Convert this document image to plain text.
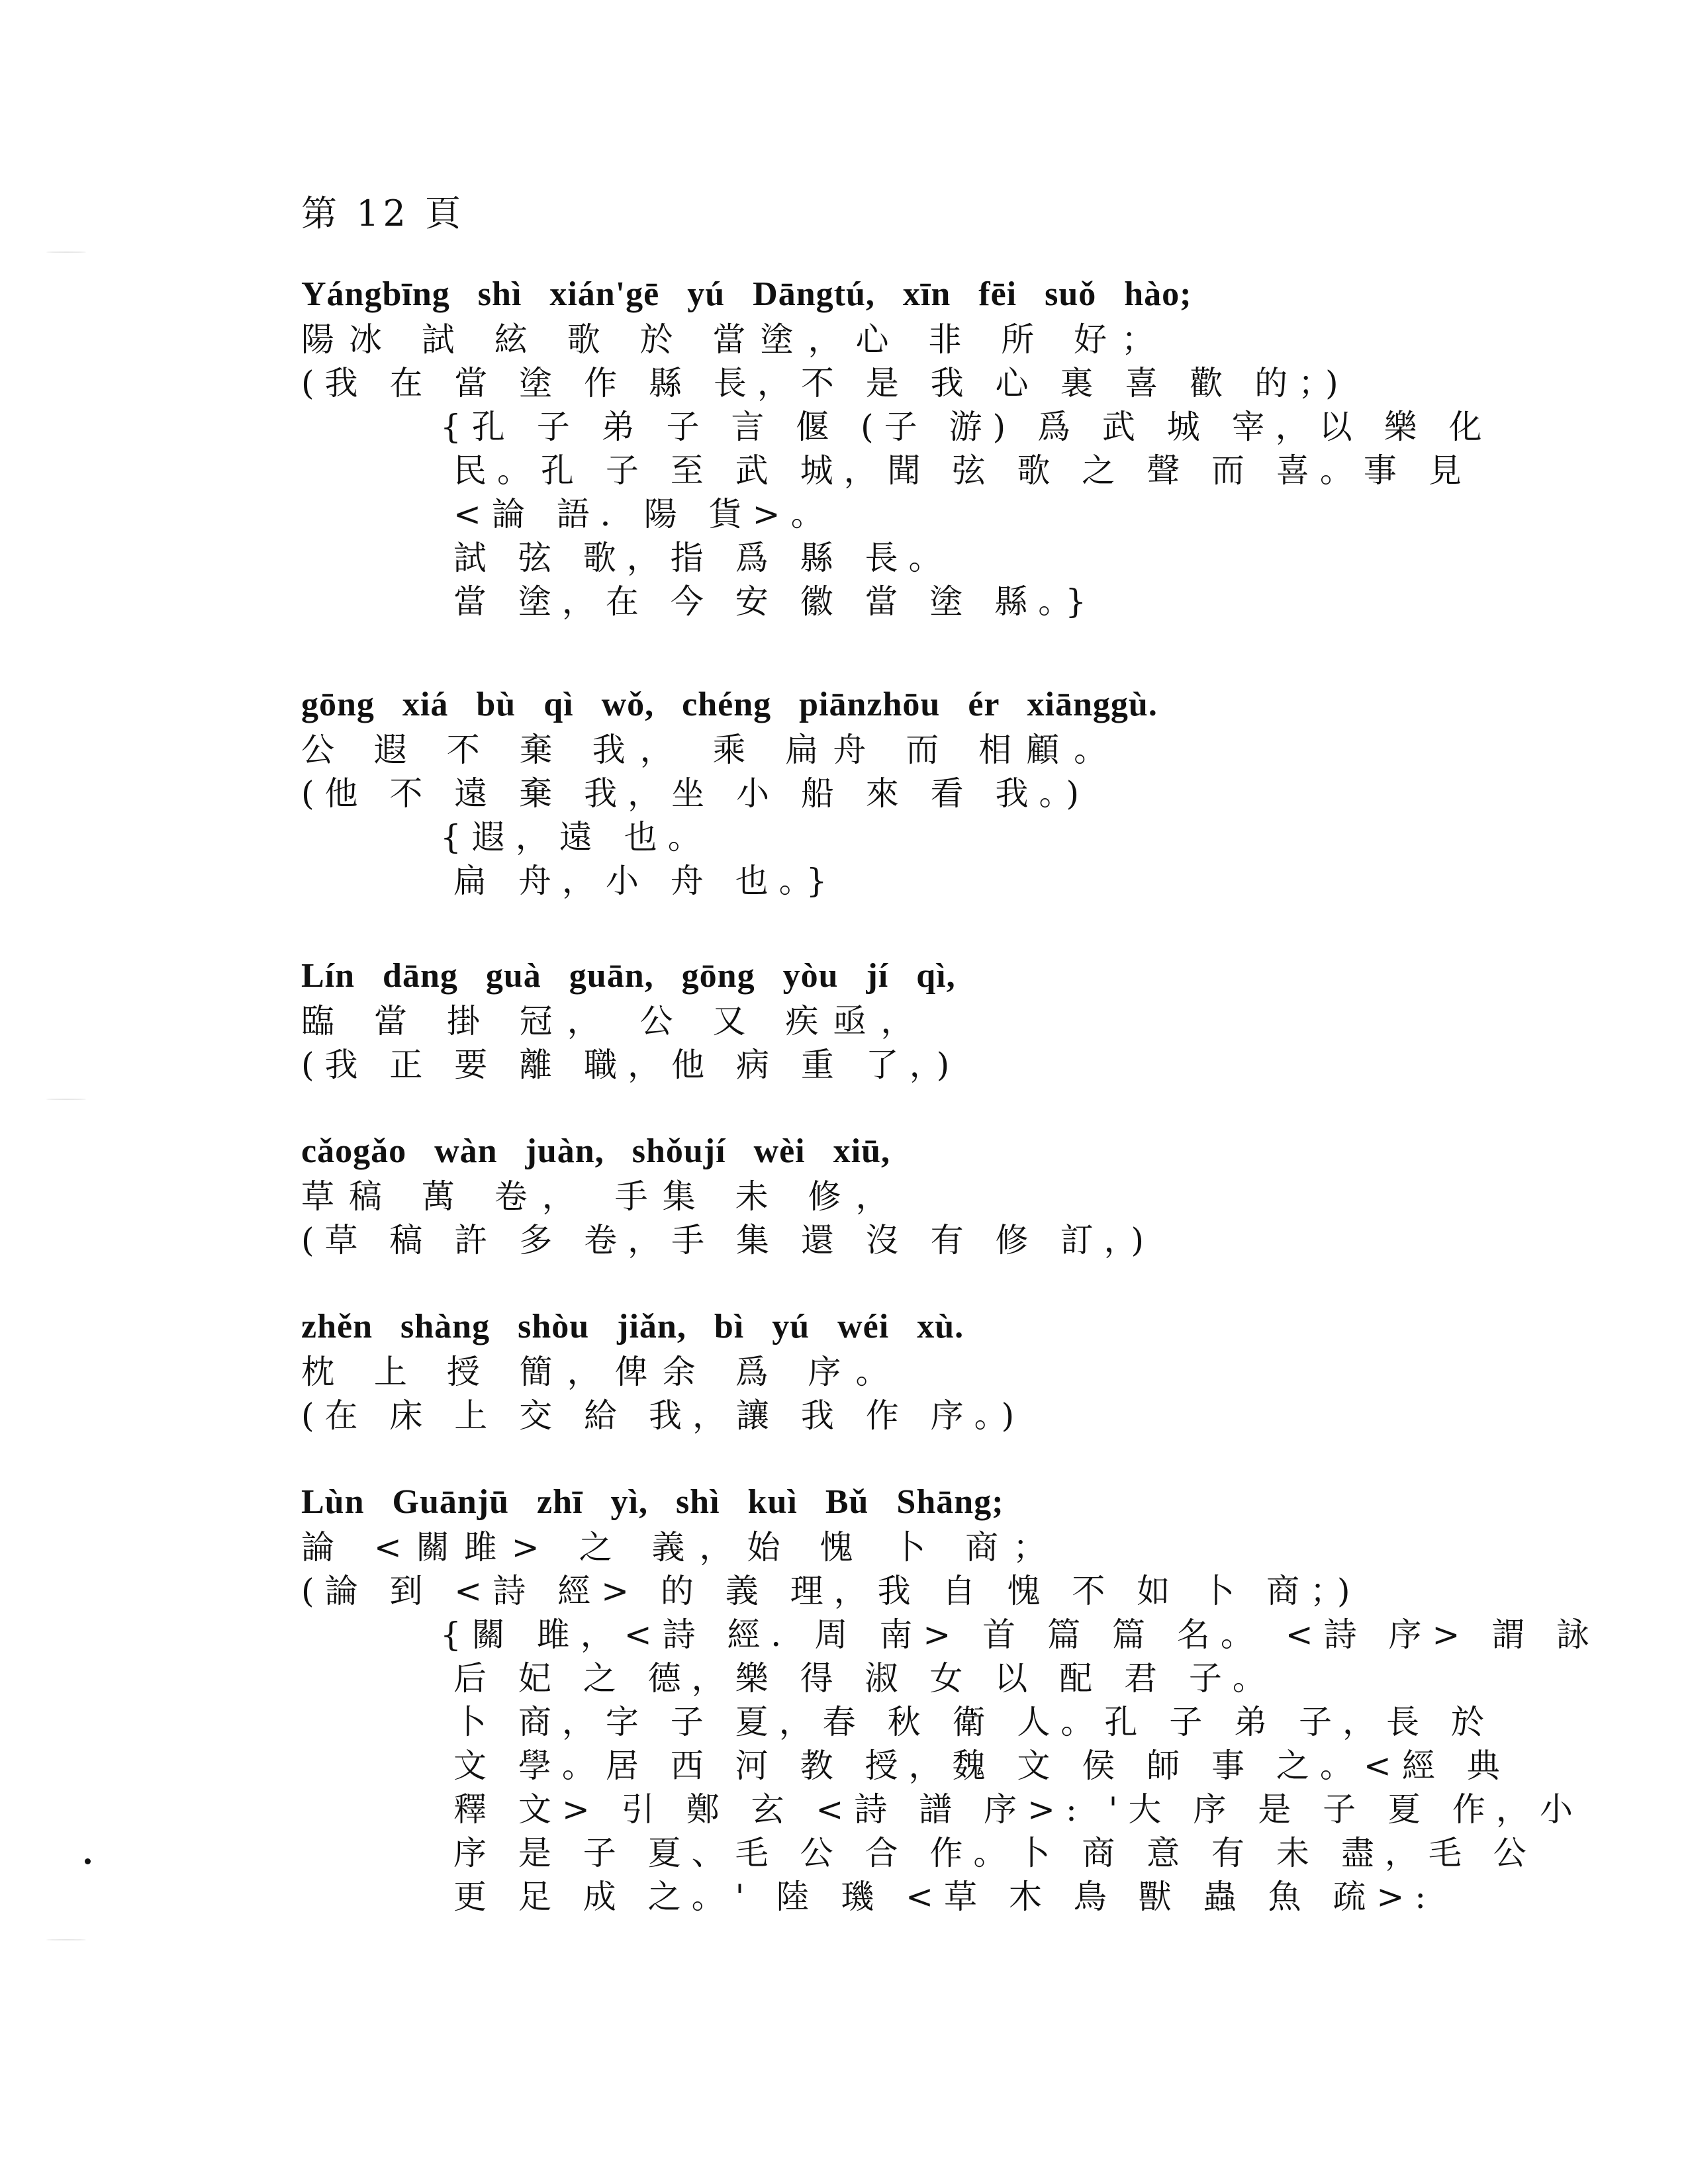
第 12 頁
Yángbīng shì xián'gē yú Dāngtú, xīn fēi suǒ hào;
陽冰 試 絃 歌 於 當塗，心 非 所 好；
(我 在 當 塗 作 縣 長，不 是 我 心 裏 喜 歡 的；)
{孔 子 弟 子 言 偃 (子 游) 爲 武 城 宰，以 樂 化
民。孔 子 至 武 城，聞 弦 歌 之 聲 而 喜。事 見
<論 語．陽 貨>。
試 弦 歌，指 爲 縣 長。
當 塗，在 今 安 徽 當 塗 縣。}
gōng xiá bù qì wǒ, chéng piānzhōu ér xiānggù.
公 遐 不 棄 我， 乘 扁舟 而 相顧。
(他 不 遠 棄 我，坐 小 船 來 看 我。)
{遐，遠 也。
扁 舟，小 舟 也。}
Lín dāng guà guān, gōng yòu jí qì,
臨 當 掛 冠， 公 又 疾亟，
(我 正 要 離 職，他 病 重 了，)
cǎogǎo wàn juàn, shǒují wèi xiū,
草稿 萬 卷， 手集 未 修，
(草 稿 許 多 卷，手 集 還 沒 有 修 訂，)
zhěn shàng shòu jiǎn, bì yú wéi xù.
枕 上 授 簡，俾余 爲 序。
(在 床 上 交 給 我，讓 我 作 序。)
Lùn Guānjū zhī yì, shì kuì Bǔ Shāng;
論 <關雎> 之 義，始 愧 卜 商；
(論 到 <詩 經> 的 義 理，我 自 愧 不 如 卜 商；)
{關 雎，<詩 經．周 南> 首 篇 篇 名。 <詩 序> 謂 詠
后 妃 之 德，樂 得 淑 女 以 配 君 子。
卜 商，字 子 夏，春 秋 衛 人。孔 子 弟 子，長 於
文 學。居 西 河 教 授，魏 文 侯 師 事 之。<經 典
釋 文> 引 鄭 玄 <詩 譜 序>: '大 序 是 子 夏 作，小
序 是 子 夏、毛 公 合 作。卜 商 意 有 未 盡，毛 公
更 足 成 之。' 陸 璣 <草 木 鳥 獸 蟲 魚 疏>:
